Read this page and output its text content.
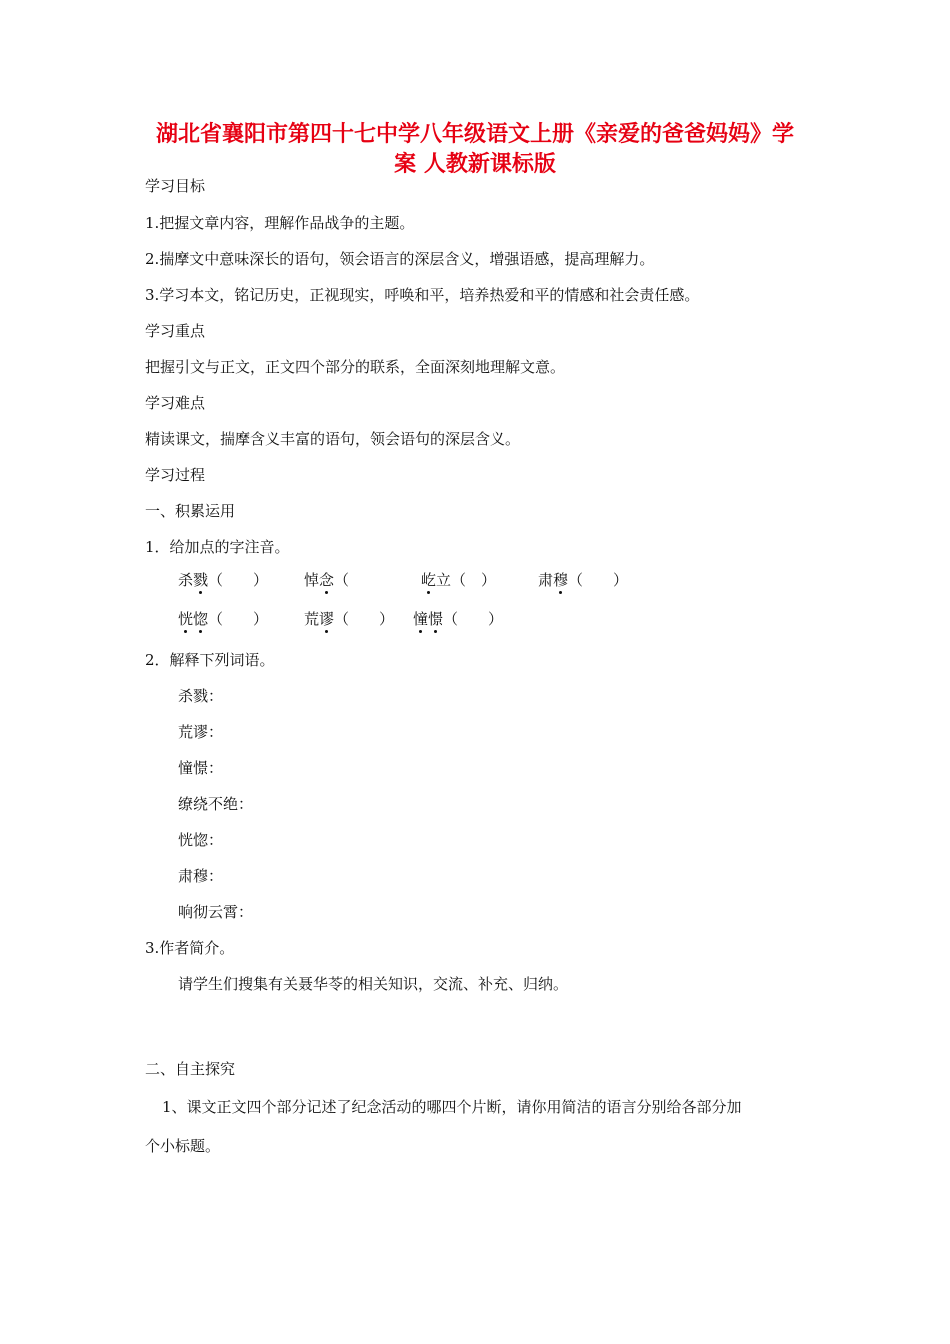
湖北省襄阳市第四十七中学八年级语文上册《亲爱的爸爸妈妈》学
案 人教新课标版
学习目标
1.把握文章内容，理解作品战争的主题。
2.揣摩文中意味深长的语句，领会语言的深层含义，增强语感，提高理解力。
3.学习本文，铭记历史，正视现实，呼唤和平，培养热爱和平的情感和社会责任感。
学习重点
把握引文与正文，正文四个部分的联系，全面深刻地理解文意。
学习难点
精读课文，揣摩含义丰富的语句，领会语句的深层含义。
学习过程
一、积累运用
1．给加点的字注音。
杀戮（　　） 悼念（	屹立（　）	肃穆（　　）
恍惚（　　） 荒谬（　　） 憧憬（　　）
2．解释下列词语。
杀戮：
荒谬：
憧憬：
缭绕不绝：
恍惚：
肃穆：
响彻云霄：
3.作者简介。
请学生们搜集有关聂华苓的相关知识，交流、补充、归纳。
二、自主探究
1、课文正文四个部分记述了纪念活动的哪四个片断，请你用简洁的语言分别给各部分加
个小标题。
